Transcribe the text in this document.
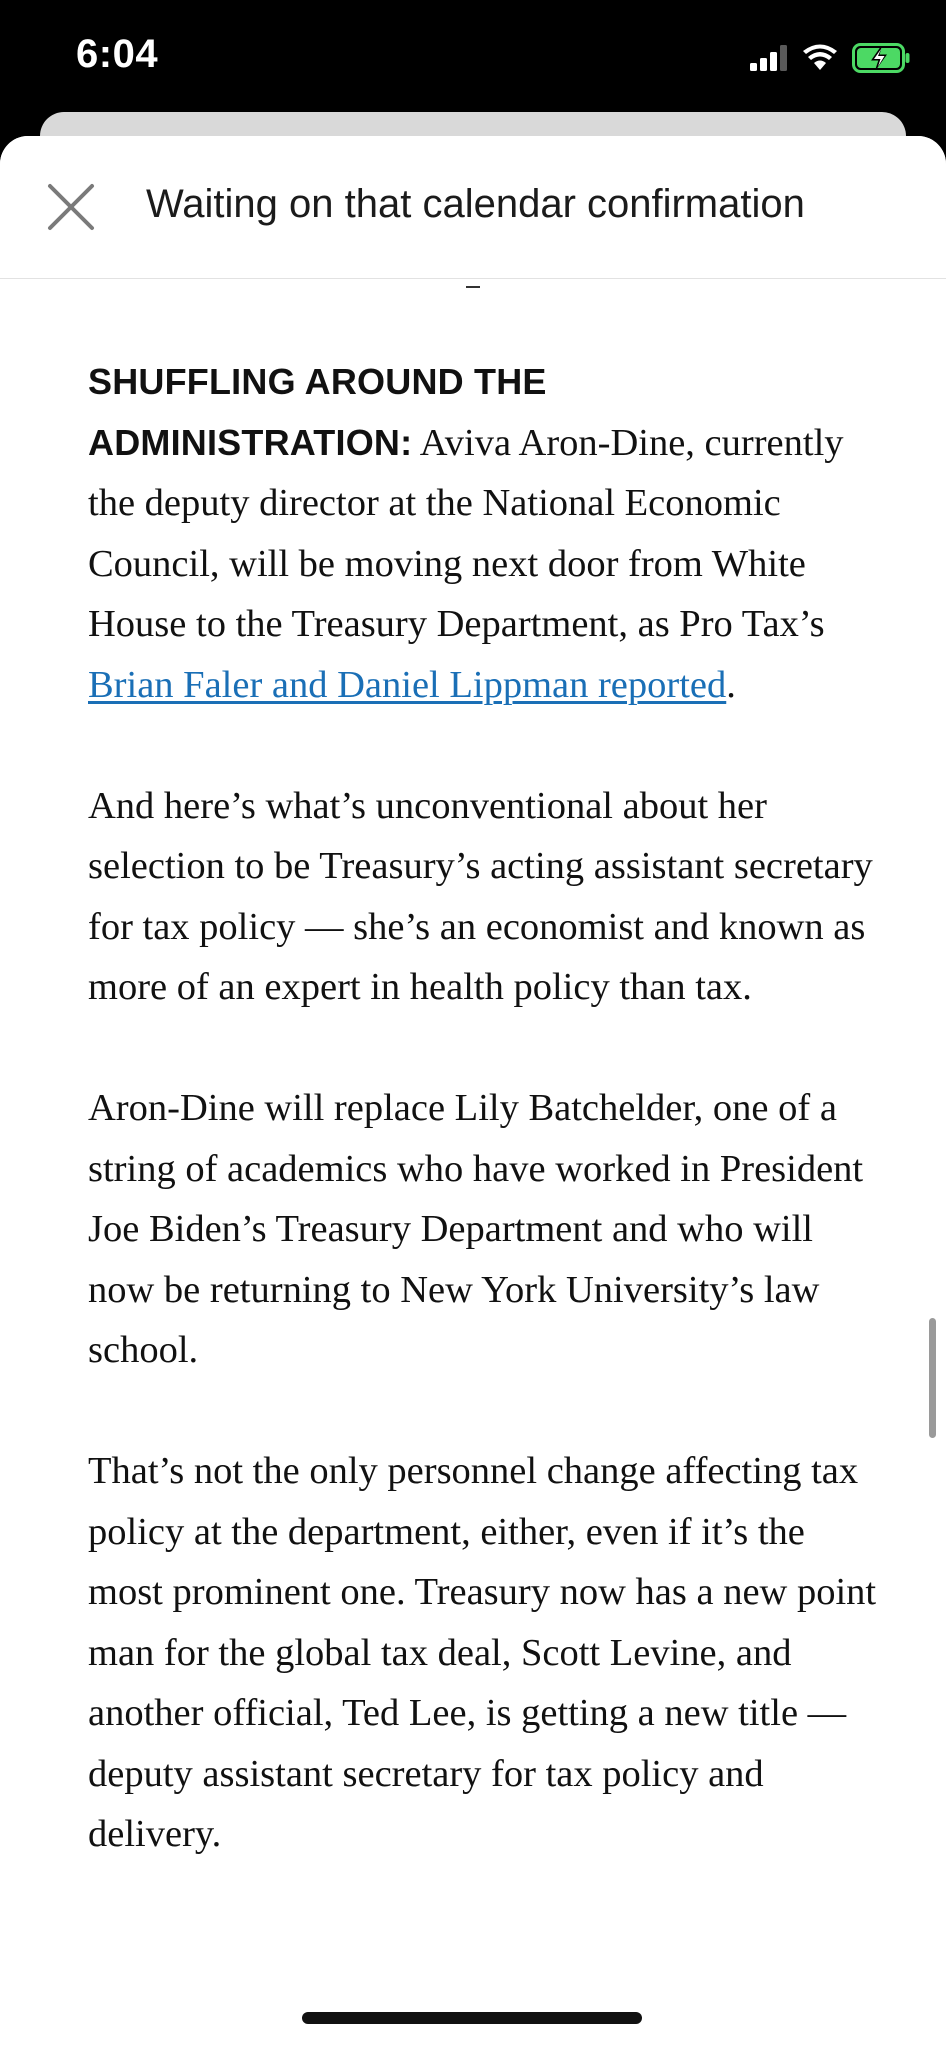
6:04
Waiting on that calendar confirmation

SHUFFLING AROUND THE ADMINISTRATION: Aviva Aron-Dine, currently the deputy director at the National Economic Council, will be moving next door from White House to the Treasury Department, as Pro Tax’s Brian Faler and Daniel Lippman reported.

And here’s what’s unconventional about her selection to be Treasury’s acting assistant secretary for tax policy — she’s an economist and known as more of an expert in health policy than tax.

Aron-Dine will replace Lily Batchelder, one of a string of academics who have worked in President Joe Biden’s Treasury Department and who will now be returning to New York University’s law school.

That’s not the only personnel change affecting tax policy at the department, either, even if it’s the most prominent one. Treasury now has a new point man for the global tax deal, Scott Levine, and another official, Ted Lee, is getting a new title — deputy assistant secretary for tax policy and delivery.
